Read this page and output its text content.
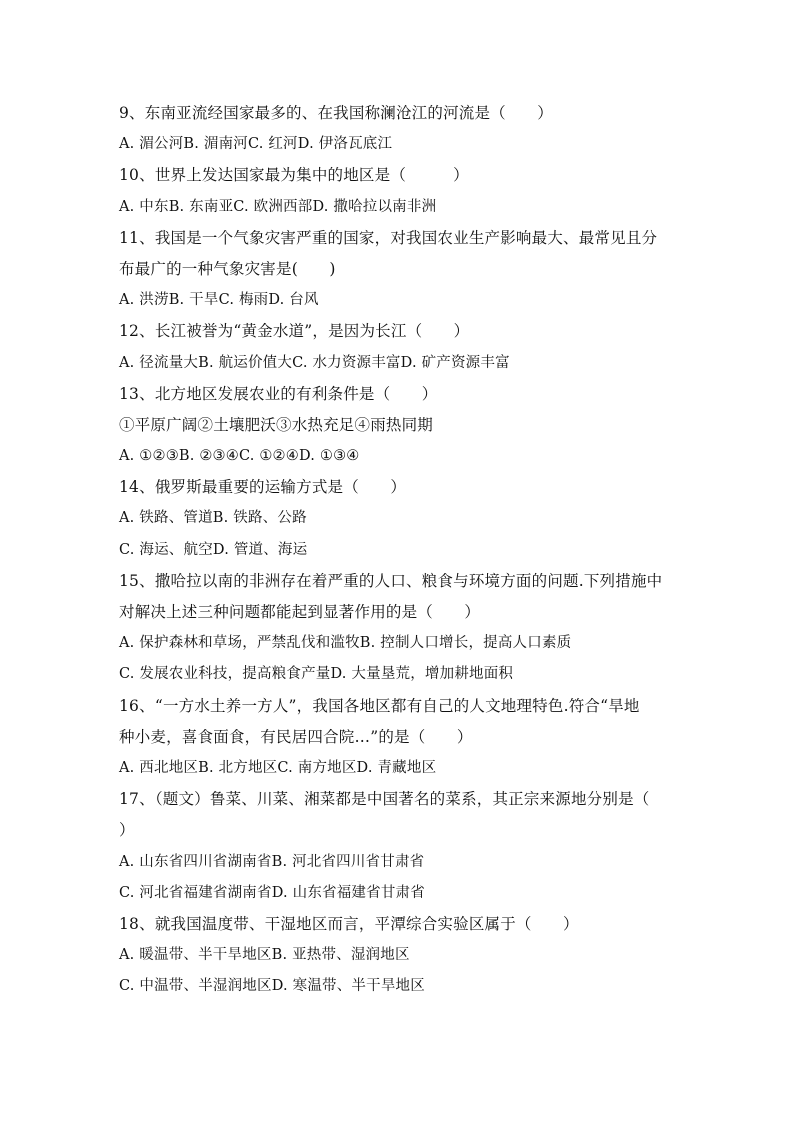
9、东南亚流经国家最多的、在我国称澜沧江的河流是（　　）
A. 湄公河B. 湄南河C. 红河D. 伊洛瓦底江
10、世界上发达国家最为集中的地区是（　　　）
A. 中东B. 东南亚C. 欧洲西部D. 撒哈拉以南非洲
11、我国是一个气象灾害严重的国家，对我国农业生产影响最大、最常见且分
布最广的一种气象灾害是(　　)
A. 洪涝B. 干旱C. 梅雨D. 台风
12、长江被誉为“黄金水道”，是因为长江（　　）
A. 径流量大B. 航运价值大C. 水力资源丰富D. 矿产资源丰富
13、北方地区发展农业的有利条件是（　　）
①平原广阔②土壤肥沃③水热充足④雨热同期
A. ①②③B. ②③④C. ①②④D. ①③④
14、俄罗斯最重要的运输方式是（　　）
A. 铁路、管道B. 铁路、公路
C. 海运、航空D. 管道、海运
15、撒哈拉以南的非洲存在着严重的人口、粮食与环境方面的问题.下列措施中
对解决上述三种问题都能起到显著作用的是（　　）
A. 保护森林和草场，严禁乱伐和滥牧B. 控制人口增长，提高人口素质
C. 发展农业科技，提高粮食产量D. 大量垦荒，增加耕地面积
16、“一方水土养一方人”，我国各地区都有自己的人文地理特色.符合“旱地
种小麦，喜食面食，有民居四合院…”的是（　　）
A. 西北地区B. 北方地区C. 南方地区D. 青藏地区
17、（题文）鲁菜、川菜、湘菜都是中国著名的菜系，其正宗来源地分别是（
）
A. 山东省四川省湖南省B. 河北省四川省甘肃省
C. 河北省福建省湖南省D. 山东省福建省甘肃省
18、就我国温度带、干湿地区而言，平潭综合实验区属于（　　）
A. 暖温带、半干旱地区B. 亚热带、湿润地区
C. 中温带、半湿润地区D. 寒温带、半干旱地区
